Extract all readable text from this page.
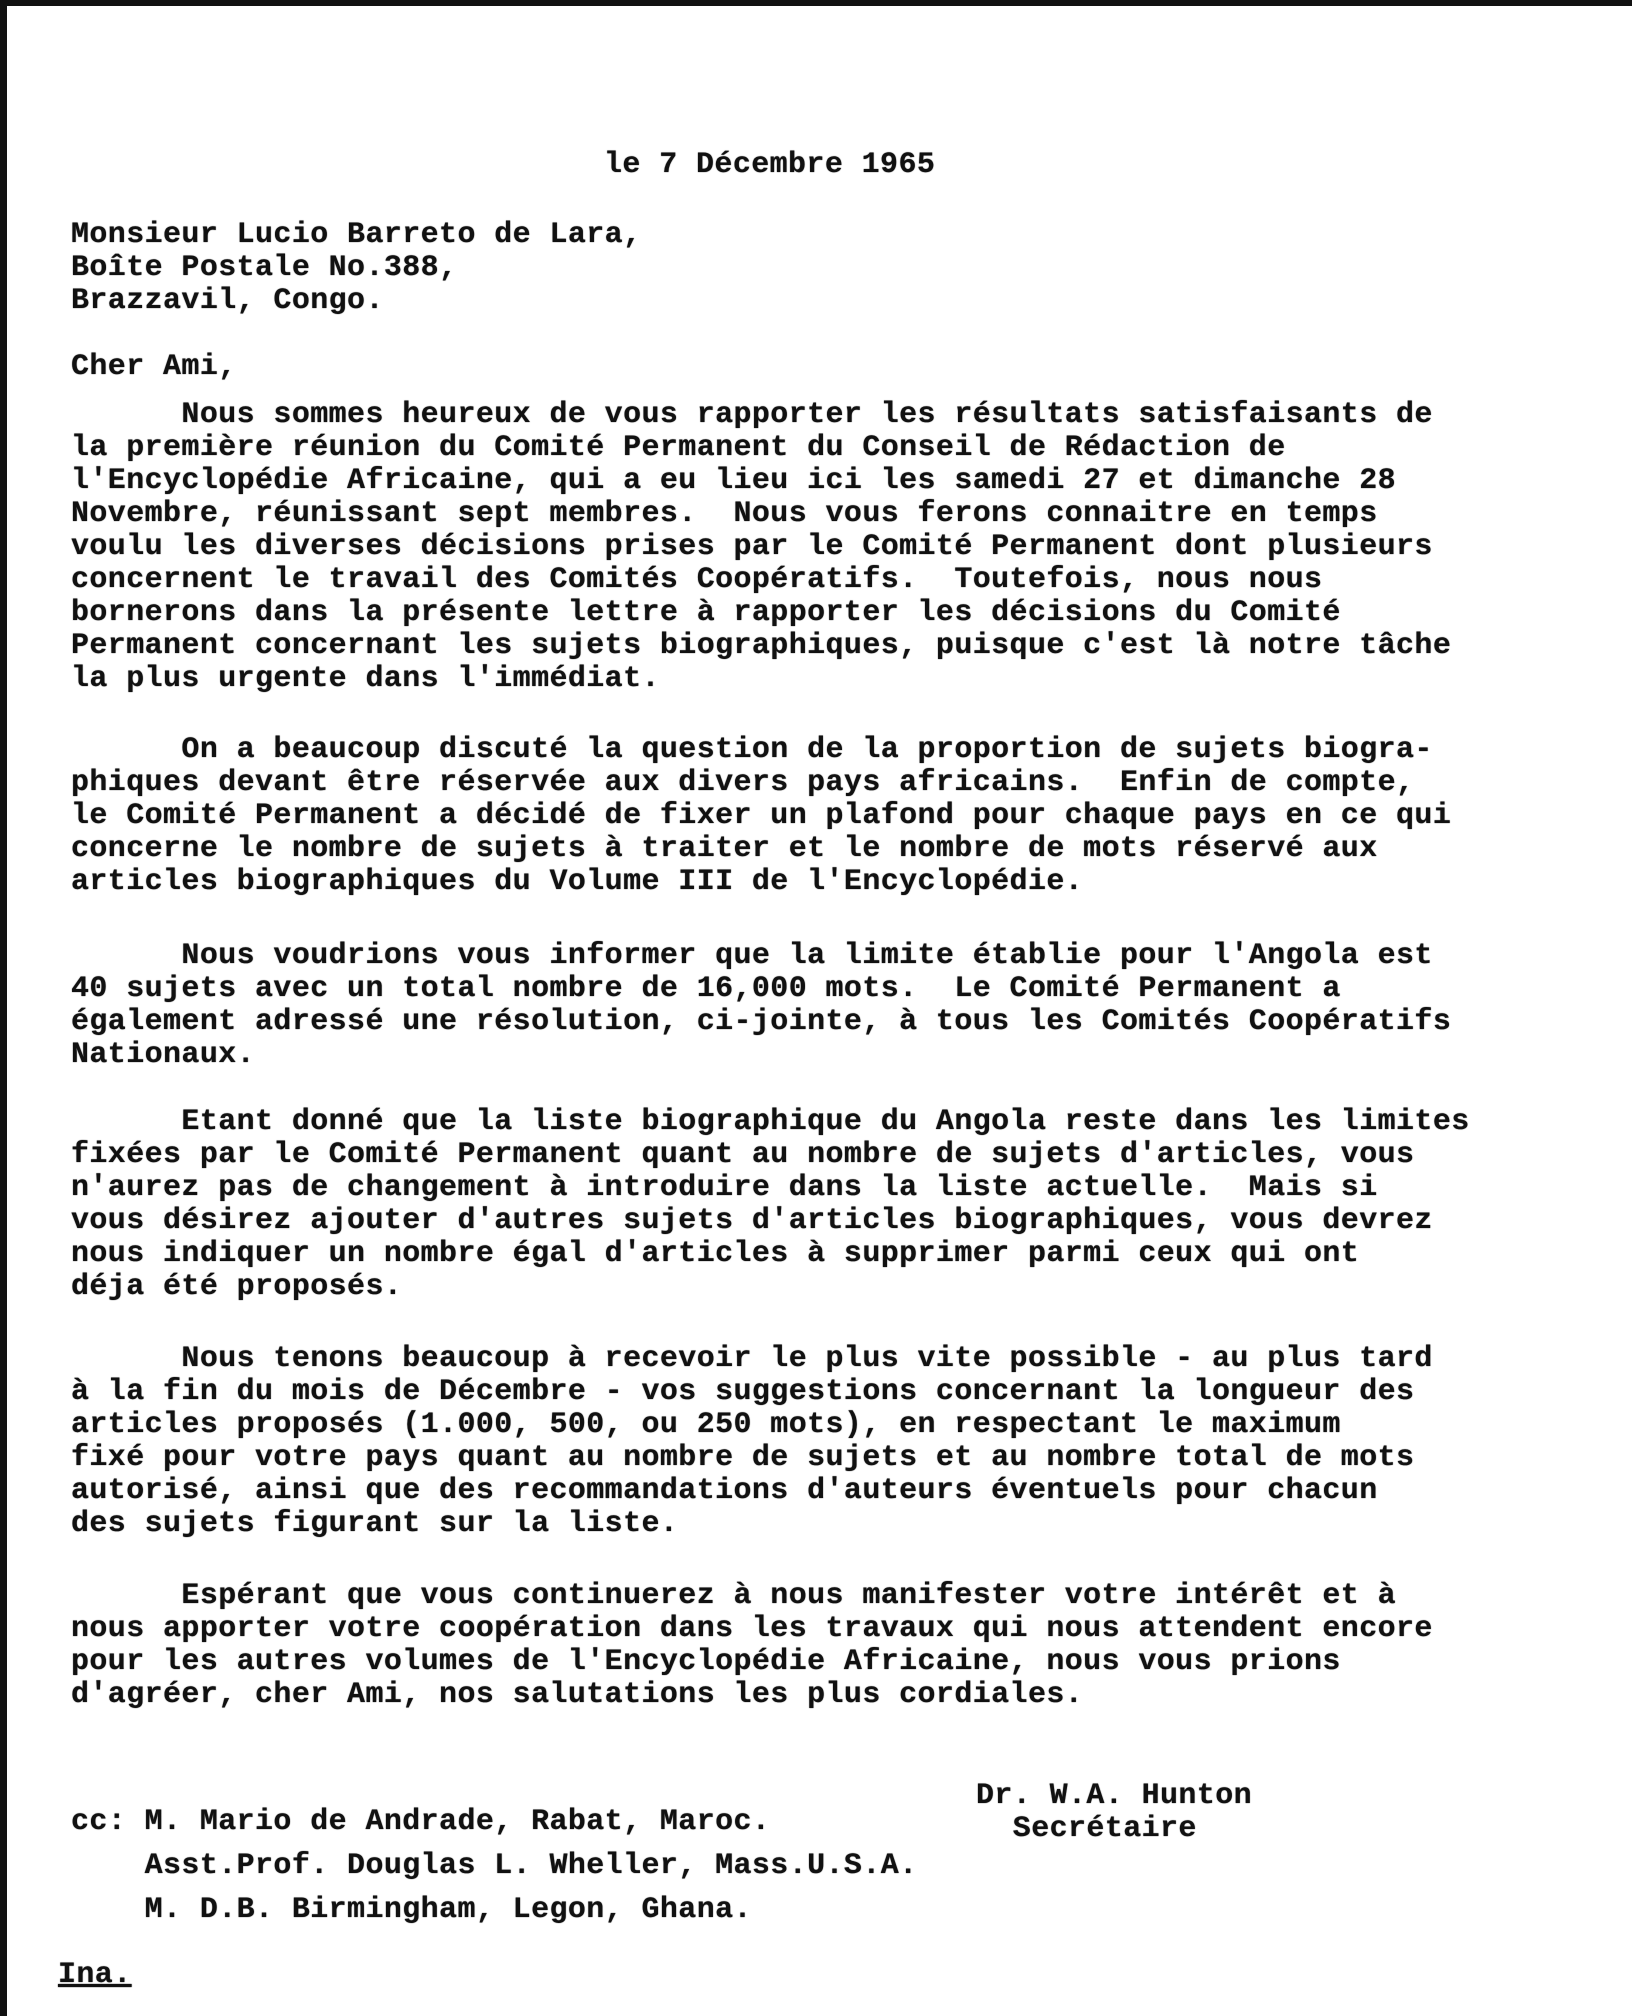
le 7 Décembre 1965
Monsieur Lucio Barreto de Lara,
Boîte Postale No.388,
Brazzavil, Congo.
Cher Ami,
Nous sommes heureux de vous rapporter les résultats satisfaisants de
la première réunion du Comité Permanent du Conseil de Rédaction de
l'Encyclopédie Africaine, qui a eu lieu ici les samedi 27 et dimanche 28
Novembre, réunissant sept membres.  Nous vous ferons connaitre en temps
voulu les diverses décisions prises par le Comité Permanent dont plusieurs
concernent le travail des Comités Coopératifs.  Toutefois, nous nous
bornerons dans la présente lettre à rapporter les décisions du Comité
Permanent concernant les sujets biographiques, puisque c'est là notre tâche
la plus urgente dans l'immédiat.
On a beaucoup discuté la question de la proportion de sujets biogra-
phiques devant être réservée aux divers pays africains.  Enfin de compte,
le Comité Permanent a décidé de fixer un plafond pour chaque pays en ce qui
concerne le nombre de sujets à traiter et le nombre de mots réservé aux
articles biographiques du Volume III de l'Encyclopédie.
Nous voudrions vous informer que la limite établie pour l'Angola est
40 sujets avec un total nombre de 16,000 mots.  Le Comité Permanent a
également adressé une résolution, ci-jointe, à tous les Comités Coopératifs
Nationaux.
Etant donné que la liste biographique du Angola reste dans les limites
fixées par le Comité Permanent quant au nombre de sujets d'articles, vous
n'aurez pas de changement à introduire dans la liste actuelle.  Mais si
vous désirez ajouter d'autres sujets d'articles biographiques, vous devrez
nous indiquer un nombre égal d'articles à supprimer parmi ceux qui ont
déja été proposés.
Nous tenons beaucoup à recevoir le plus vite possible - au plus tard
à la fin du mois de Décembre - vos suggestions concernant la longueur des
articles proposés (1.000, 500, ou 250 mots), en respectant le maximum
fixé pour votre pays quant au nombre de sujets et au nombre total de mots
autorisé, ainsi que des recommandations d'auteurs éventuels pour chacun
des sujets figurant sur la liste.
Espérant que vous continuerez à nous manifester votre intérêt et à
nous apporter votre coopération dans les travaux qui nous attendent encore
pour les autres volumes de l'Encyclopédie Africaine, nous vous prions
d'agréer, cher Ami, nos salutations les plus cordiales.
Dr. W.A. Hunton
Secrétaire
cc: M. Mario de Andrade, Rabat, Maroc.
Asst.Prof. Douglas L. Wheller, Mass.U.S.A.
M. D.B. Birmingham, Legon, Ghana.
Ina.
